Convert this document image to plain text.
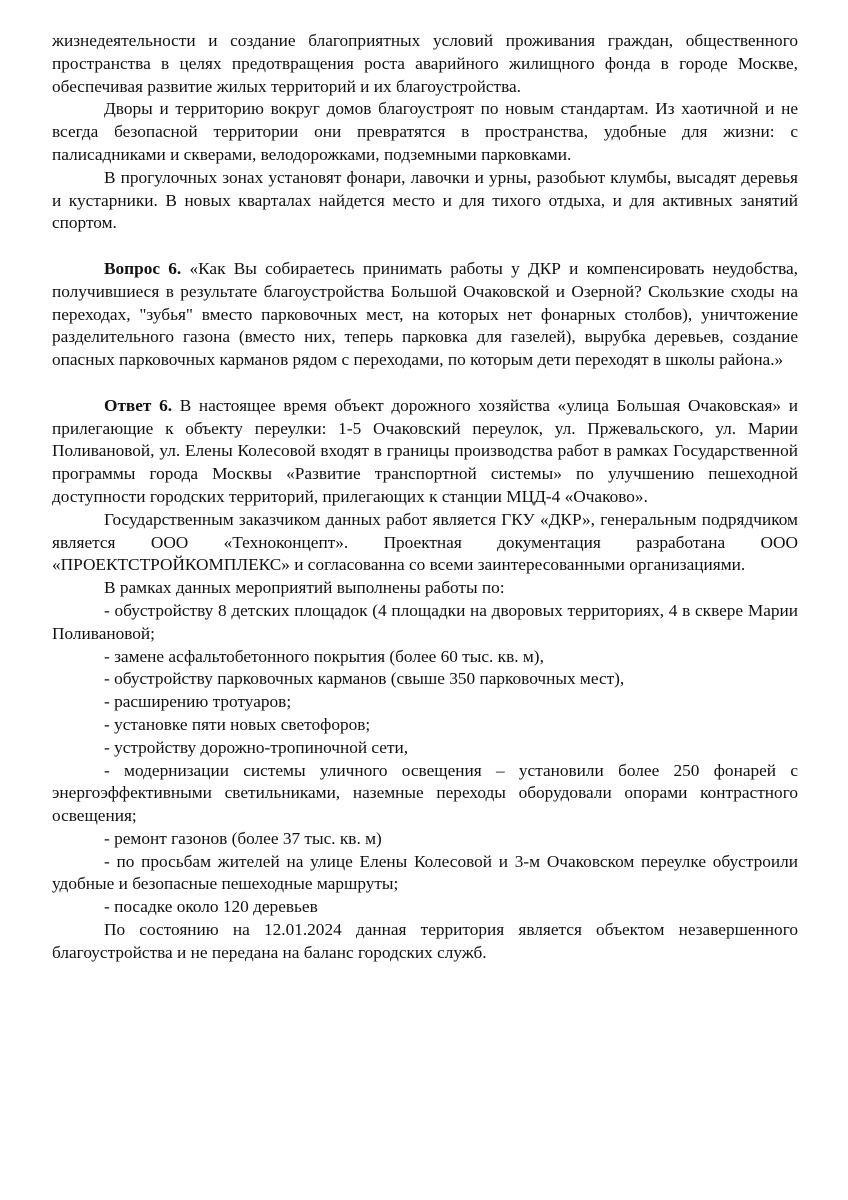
жизнедеятельности и создание благоприятных условий проживания граждан, общественного пространства в целях предотвращения роста аварийного жилищного фонда в городе Москве, обеспечивая развитие жилых территорий и их благоустройства.

Дворы и территорию вокруг домов благоустроят по новым стандартам. Из хаотичной и не всегда безопасной территории они превратятся в пространства, удобные для жизни: с палисадниками и скверами, велодорожками, подземными парковками.

В прогулочных зонах установят фонари, лавочки и урны, разобьют клумбы, высадят деревья и кустарники. В новых кварталах найдется место и для тихого отдыха, и для активных занятий спортом.

Вопрос 6. «Как Вы собираетесь принимать работы у ДКР и компенсировать неудобства, получившиеся в результате благоустройства Большой Очаковской и Озерной? Скользкие сходы на переходах, "зубья" вместо парковочных мест, на которых нет фонарных столбов), уничтожение разделительного газона (вместо них, теперь парковка для газелей), вырубка деревьев, создание опасных парковочных карманов рядом с переходами, по которым дети переходят в школы района.»

Ответ 6. В настоящее время объект дорожного хозяйства «улица Большая Очаковская» и прилегающие к объекту переулки: 1-5 Очаковский переулок, ул. Пржевальского, ул. Марии Поливановой, ул. Елены Колесовой входят в границы производства работ в рамках Государственной программы города Москвы «Развитие транспортной системы» по улучшению пешеходной доступности городских территорий, прилегающих к станции МЦД-4 «Очаково».

Государственным заказчиком данных работ является ГКУ «ДКР», генеральным подрядчиком является ООО «Техноконцепт». Проектная документация разработана ООО «ПРОЕКТСТРОЙКОМПЛЕКС» и согласованна со всеми заинтересованными организациями.

В рамках данных мероприятий выполнены работы по:

- обустройству 8 детских площадок (4 площадки на дворовых территориях, 4 в сквере Марии Поливановой;

- замене асфальтобетонного покрытия (более 60 тыс. кв. м),

- обустройству парковочных карманов (свыше 350 парковочных мест),

- расширению тротуаров;

- установке пяти новых светофоров;

- устройству дорожно-тропиночной сети,

- модернизации системы уличного освещения – установили более 250 фонарей с энергоэффективными светильниками, наземные переходы оборудовали опорами контрастного освещения;

- ремонт газонов (более 37 тыс. кв. м)

- по просьбам жителей на улице Елены Колесовой и 3-м Очаковском переулке обустроили удобные и безопасные пешеходные маршруты;

- посадке около 120 деревьев

По состоянию на 12.01.2024 данная территория является объектом незавершенного благоустройства и не передана на баланс городских служб.
